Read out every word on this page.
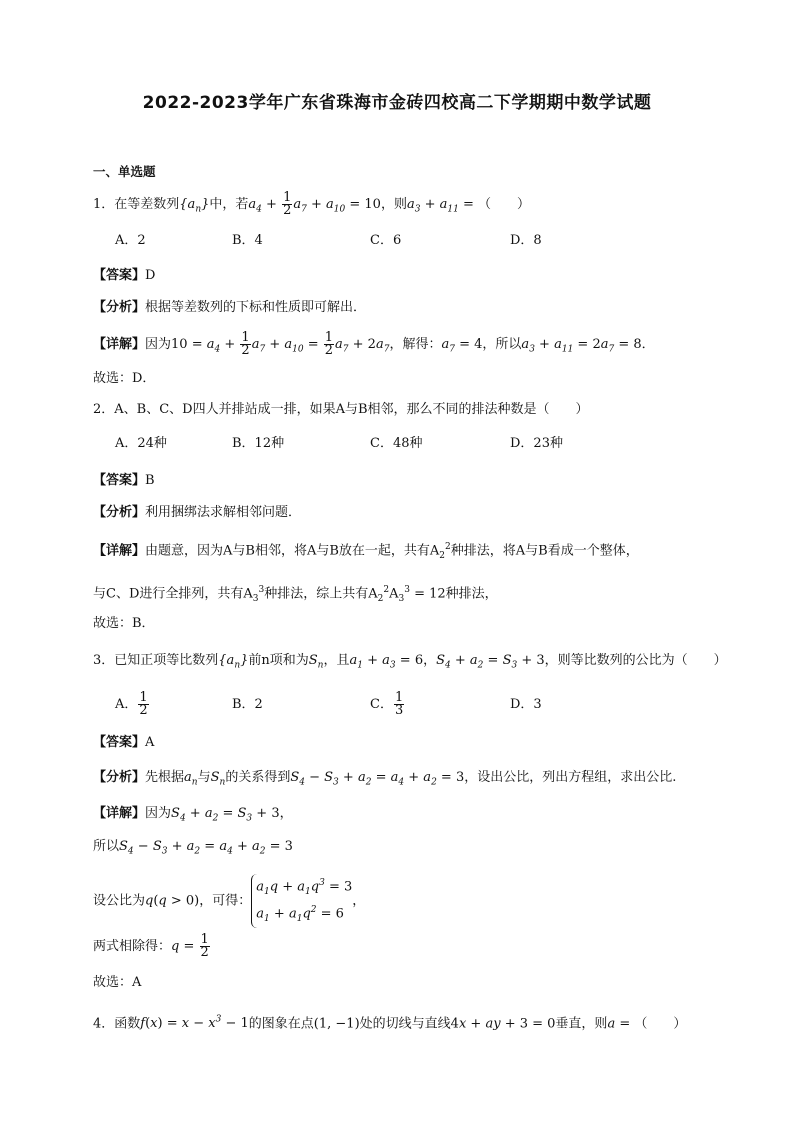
2022-2023学年广东省珠海市金砖四校高二下学期期中数学试题
一、单选题
1．在等差数列$\{a_n\}$中，若$a_4 + \frac{1}{2} a_7 + a_{10} = 10$，则$a_3 + a_{11}$ = （　　）
A．2	B．4	C．6	D．8
【答案】D
【分析】根据等差数列的下标和性质即可解出．
【详解】因为$10 = a_4 + \frac{1}{2} a_7 + a_{10} = \frac{1}{2} a_7 + 2a_7$，解得：$a_7 = 4$，所以$a_3 + a_{11} = 2a_7 = 8$．
故选：D．
2．A、B、C、D四人并排站成一排，如果A与B相邻，那么不同的排法种数是（　　）
A．24种	B．12种	C．48种	D．23种
【答案】B
【分析】利用捆绑法求解相邻问题．
【详解】由题意，因为A与B相邻，将A与B放在一起，共有$A_2^2$种排法，将A与B看成一个整体，
与C、D进行全排列，共有$A_3^3$种排法，综上共有$A_2^2A_3^3 = 12$种排法，
故选：B．
3．已知正项等比数列$\{a_n\}$前n项和为$S_n$，且$a_1 + a_3 = 6$，$S_4 + a_2 = S_3 + 3$，则等比数列的公比为（　　）
A． $\frac{1}{2}$	B．2	C． $\frac{1}{3}$	D．3
【答案】A
【分析】先根据$a_n$与$S_n$的关系得到$S_4 - S_3 + a_2 = a_4 + a_2 = 3$，设出公比，列出方程组，求出公比.
【详解】因为$S_4 + a_2 = S_3 + 3$，
所以$S_4 - S_3 + a_2 = a_4 + a_2 = 3$
设公比为q(q > 0)，可得：
$a_1q + a_1q^3 = 3$
$a_1 + a_1q^2 = 6$
，
两式相除得：$q = \frac{1}{2}$
故选：A
4．函数$f(x) = x - x^3 - 1$的图象在点(1, −1)处的切线与直线4x + ay + 3 = 0垂直，则a = （　　）
